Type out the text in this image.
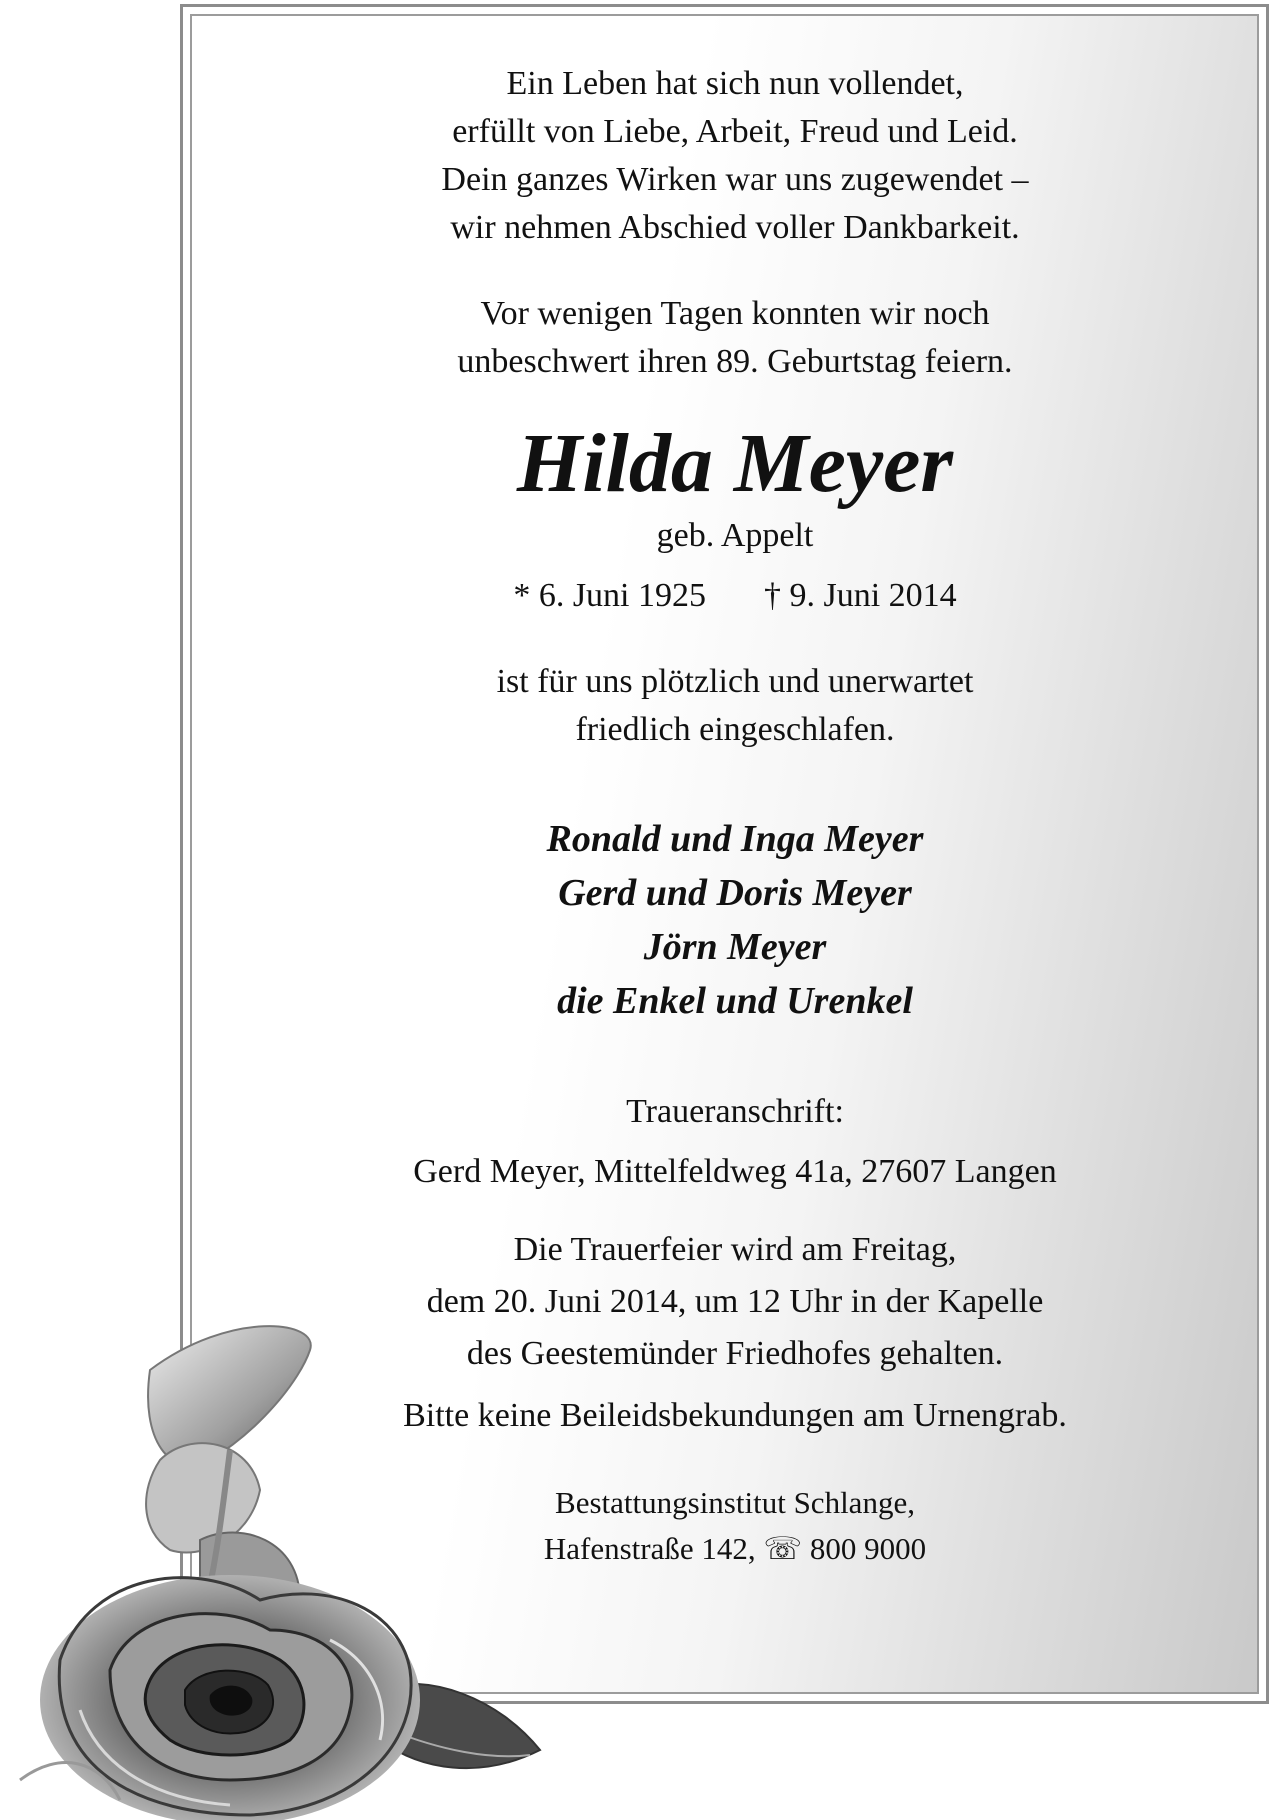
Ein Leben hat sich nun vollendet,
erfüllt von Liebe, Arbeit, Freud und Leid.
Dein ganzes Wirken war uns zugewendet –
wir nehmen Abschied voller Dankbarkeit.
Vor wenigen Tagen konnten wir noch
unbeschwert ihren 89. Geburtstag feiern.
Hilda Meyer
geb. Appelt
* 6. Juni 1925 † 9. Juni 2014
ist für uns plötzlich und unerwartet
friedlich eingeschlafen.
Ronald und Inga Meyer
Gerd und Doris Meyer
Jörn Meyer
die Enkel und Urenkel
Traueranschrift:
Gerd Meyer, Mittelfeldweg 41a, 27607 Langen
Die Trauerfeier wird am Freitag,
dem 20. Juni 2014, um 12 Uhr in der Kapelle
des Geestemünder Friedhofes gehalten.
Bitte keine Beileidsbekundungen am Urnengrab.
Bestattungsinstitut Schlange,
Hafenstraße 142, ☏ 800 9000
